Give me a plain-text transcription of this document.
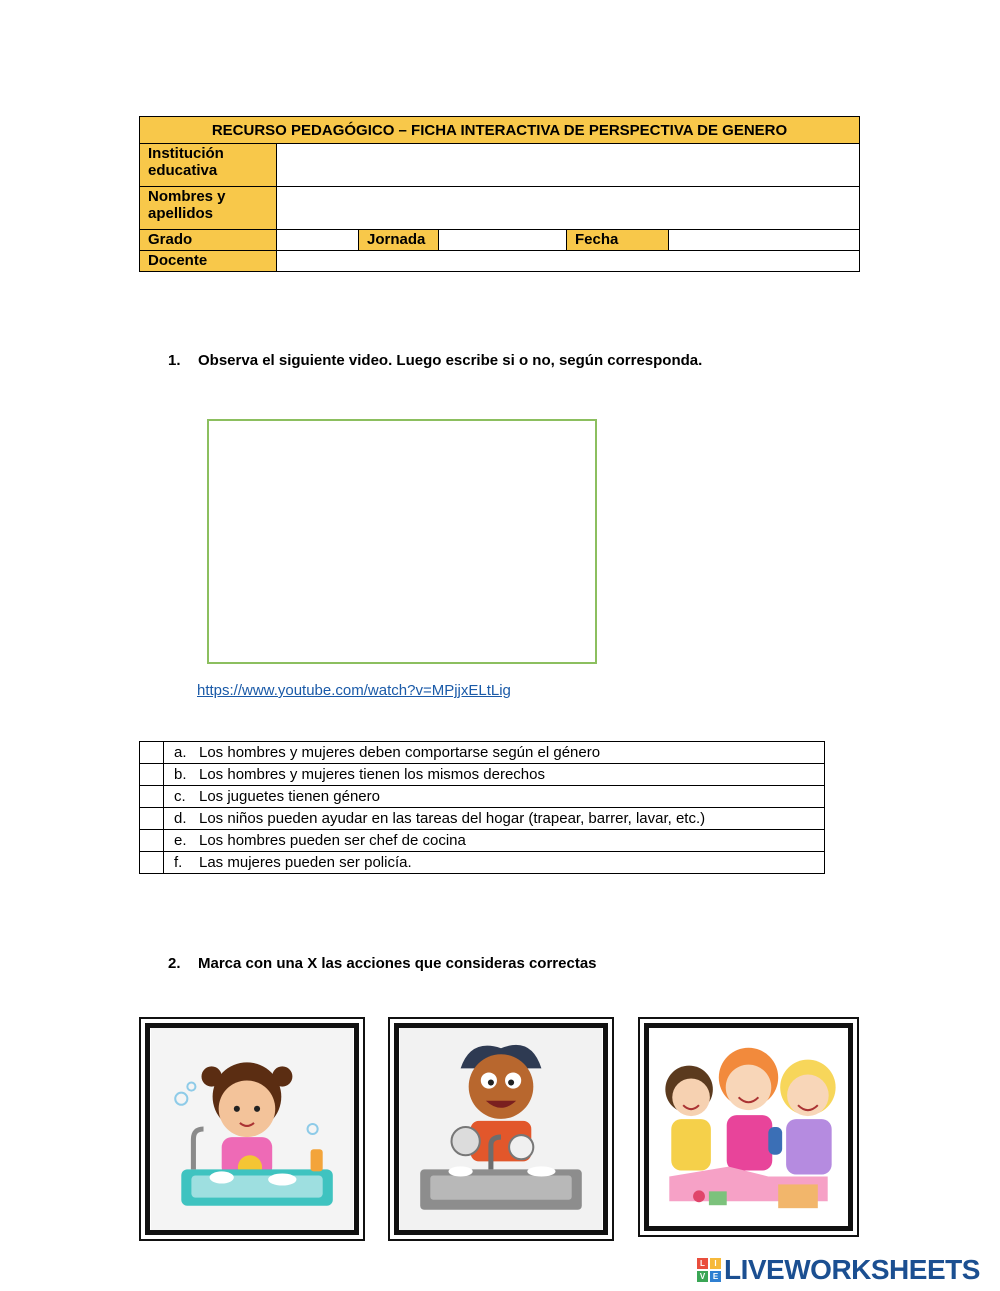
RECURSO PEDAGÓGICO – FICHA INTERACTIVA DE PERSPECTIVA DE GENERO					
Institución educativa					
Nombres y apellidos					
Grado		Jornada		Fecha	
Docente					
1. Observa el siguiente video. Luego escribe si o no, según corresponda.
https://www.youtube.com/watch?v=MPjjxELtLig
	a. Los hombres y mujeres deben comportarse según el género
	b. Los hombres y mujeres tienen los mismos derechos
	c. Los juguetes tienen género
	d. Los niños pueden ayudar en las tareas del hogar (trapear, barrer, lavar, etc.)
	e. Los hombres pueden ser chef de cocina
	f. Las mujeres pueden ser policía.
2. Marca con una X las acciones que consideras correctas
L	I
V E LIVEWORKSHEETS
